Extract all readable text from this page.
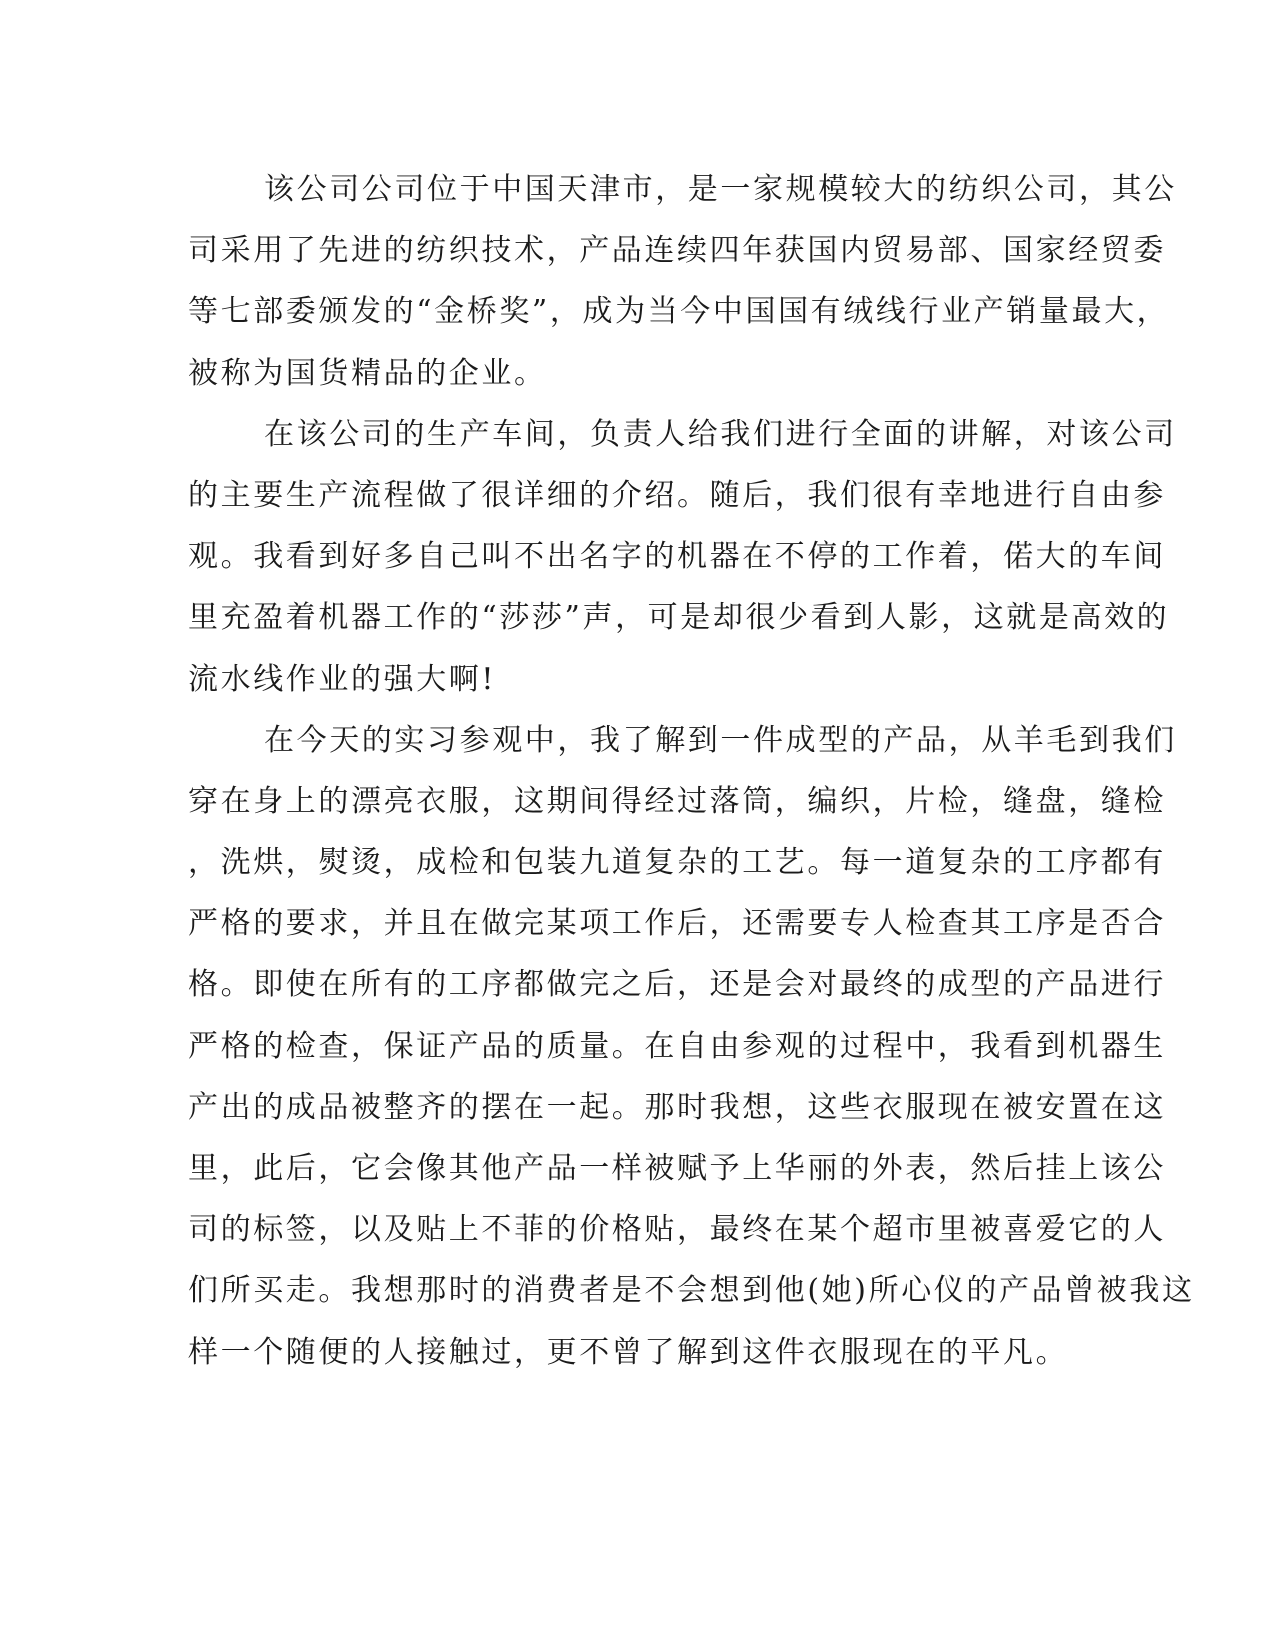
该公司公司位于中国天津市，是一家规模较大的纺织公司，其公
司采用了先进的纺织技术，产品连续四年获国内贸易部、国家经贸委
等七部委颁发的“金桥奖”，成为当今中国国有绒线行业产销量最大，
被称为国货精品的企业。
在该公司的生产车间，负责人给我们进行全面的讲解，对该公司
的主要生产流程做了很详细的介绍。随后，我们很有幸地进行自由参
观。我看到好多自己叫不出名字的机器在不停的工作着，偌大的车间
里充盈着机器工作的“莎莎”声，可是却很少看到人影，这就是高效的
流水线作业的强大啊!
在今天的实习参观中，我了解到一件成型的产品，从羊毛到我们
穿在身上的漂亮衣服，这期间得经过落筒，编织，片检，缝盘，缝检
，洗烘，熨烫，成检和包装九道复杂的工艺。每一道复杂的工序都有
严格的要求，并且在做完某项工作后，还需要专人检查其工序是否合
格。即使在所有的工序都做完之后，还是会对最终的成型的产品进行
严格的检查，保证产品的质量。在自由参观的过程中，我看到机器生
产出的成品被整齐的摆在一起。那时我想，这些衣服现在被安置在这
里，此后，它会像其他产品一样被赋予上华丽的外表，然后挂上该公
司的标签，以及贴上不菲的价格贴，最终在某个超市里被喜爱它的人
们所买走。我想那时的消费者是不会想到他(她)所心仪的产品曾被我这
样一个随便的人接触过，更不曾了解到这件衣服现在的平凡。
